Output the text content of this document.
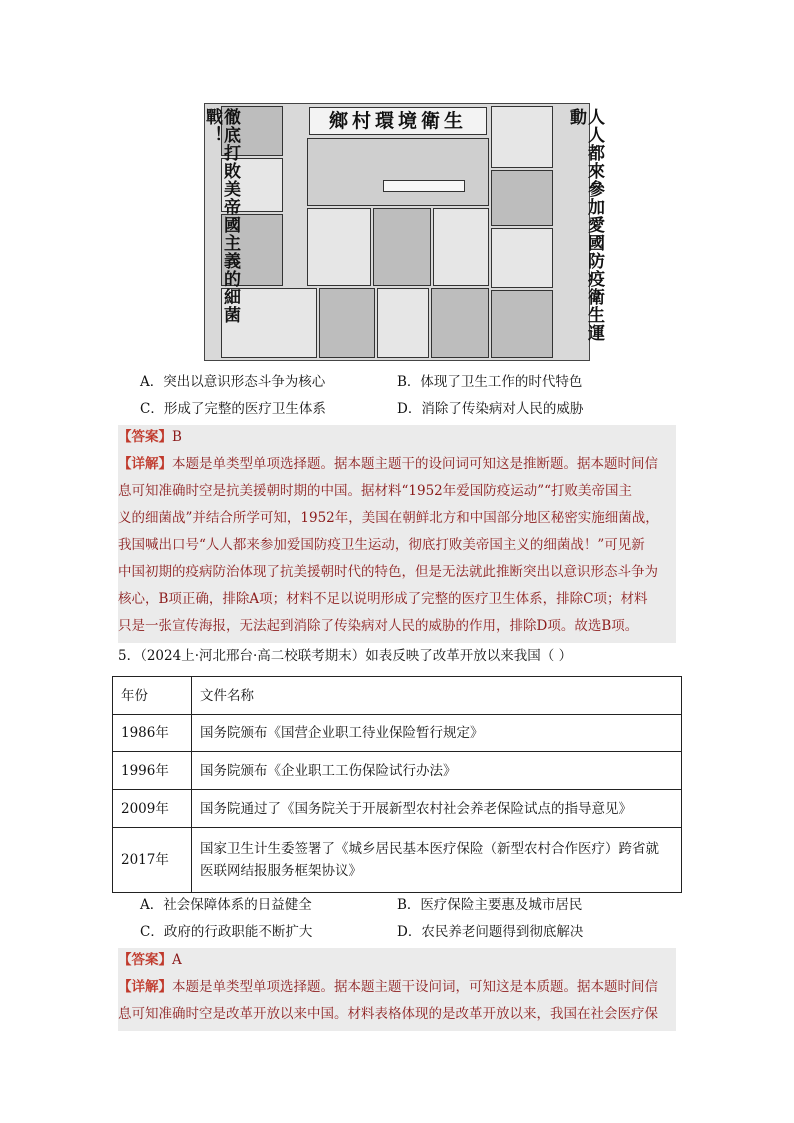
徹底打敗美帝國主義的細菌戰！	鄉村環境衛生	人人都來參加愛國防疫衛生運動
A．突出以意识形态斗争为核心	B．体现了卫生工作的时代特色
C．形成了完整的医疗卫生体系	D．消除了传染病对人民的威胁
【答案】B
【详解】本题是单类型单项选择题。据本题主题干的设问词可知这是推断题。据本题时间信
息可知准确时空是抗美援朝时期的中国。据材料“1952年爱国防疫运动”“打败美帝国主
义的细菌战”并结合所学可知，1952年，美国在朝鲜北方和中国部分地区秘密实施细菌战，
我国喊出口号“人人都来参加爱国防疫卫生运动，彻底打败美帝国主义的细菌战！”可见新
中国初期的疫病防治体现了抗美援朝时代的特色，但是无法就此推断突出以意识形态斗争为
核心，B项正确，排除A项；材料不足以说明形成了完整的医疗卫生体系，排除C项；材料
只是一张宣传海报，无法起到消除了传染病对人民的威胁的作用，排除D项。故选B项。
5．（2024上·河北邢台·高二校联考期末）如表反映了改革开放以来我国（ ）
年份	文件名称
1986年	国务院颁布《国营企业职工待业保险暂行规定》
1996年	国务院颁布《企业职工工伤保险试行办法》
2009年	国务院通过了《国务院关于开展新型农村社会养老保险试点的指导意见》
2017年	国家卫生计生委签署了《城乡居民基本医疗保险（新型农村合作医疗）跨省就
医联网结报服务框架协议》
A．社会保障体系的日益健全	B．医疗保险主要惠及城市居民
C．政府的行政职能不断扩大	D．农民养老问题得到彻底解决
【答案】A
【详解】本题是单类型单项选择题。据本题主题干设问词，可知这是本质题。据本题时间信
息可知准确时空是改革开放以来中国。材料表格体现的是改革开放以来，我国在社会医疗保
